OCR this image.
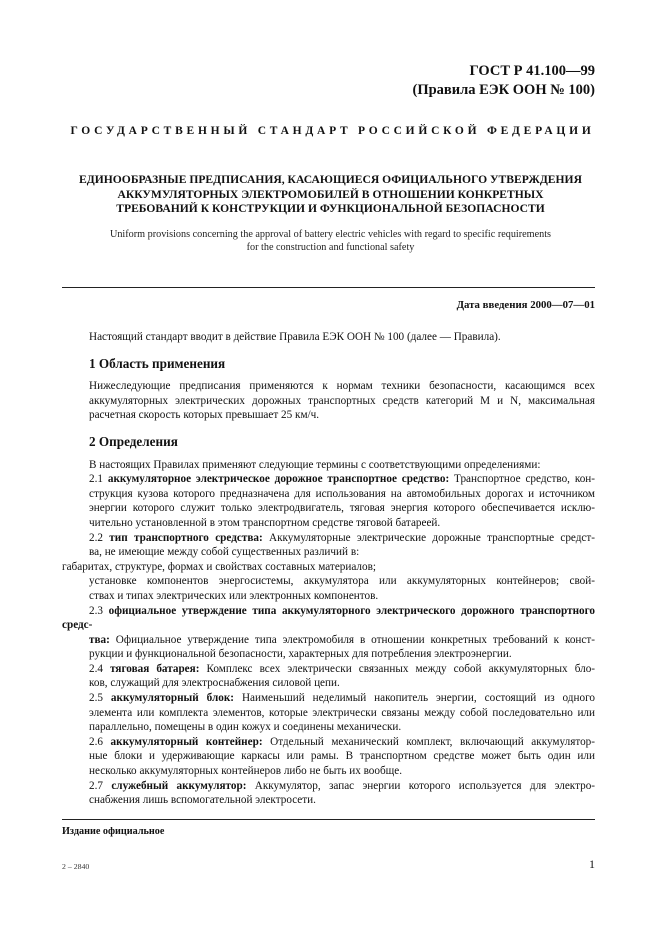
ГОСТ Р 41.100—99
(Правила ЕЭК ООН № 100)
ГОСУДАРСТВЕННЫЙ СТАНДАРТ РОССИЙСКОЙ ФЕДЕРАЦИИ
ЕДИНООБРАЗНЫЕ ПРЕДПИСАНИЯ, КАСАЮЩИЕСЯ ОФИЦИАЛЬНОГО УТВЕРЖДЕНИЯ
АККУМУЛЯТОРНЫХ ЭЛЕКТРОМОБИЛЕЙ В ОТНОШЕНИИ КОНКРЕТНЫХ
ТРЕБОВАНИЙ К КОНСТРУКЦИИ И ФУНКЦИОНАЛЬНОЙ БЕЗОПАСНОСТИ
Uniform provisions concerning the approval of battery electric vehicles with regard to specific requirements
for the construction and functional safety
Дата введения 2000—07—01

Настоящий стандарт вводит в действие Правила ЕЭК ООН № 100 (далее — Правила).

1 Область применения

Нижеследующие предписания применяются к нормам техники безопасности, касающимся всех
аккумуляторных электрических дорожных транспортных средств категорий M и N, максимальная
расчетная скорость которых превышает 25 км/ч.

2 Определения

В настоящих Правилах применяют следующие термины с соответствующими определениями:

2.1 аккумуляторное электрическое дорожное транспортное средство: Транспортное средство, кон-
струкция кузова которого предназначена для использования на автомобильных дорогах и источником
энергии которого служит только электродвигатель, тяговая энергия которого обеспечивается исклю-
чительно установленной в этом транспортном средстве тяговой батареей.

2.2 тип транспортного средства: Аккумуляторные электрические дорожные транспортные средст-
ва, не имеющие между собой существенных различий в:

габаритах, структуре, формах и свойствах составных материалов;

установке компонентов энергосистемы, аккумулятора или аккумуляторных контейнеров; свой-
ствах и типах электрических или электронных компонентов.

2.3 официальное утверждение типа аккумуляторного электрического дорожного транспортного средс-
тва: Официальное утверждение типа электромобиля в отношении конкретных требований к конст-
рукции и функциональной безопасности, характерных для потребления электроэнергии.

2.4 тяговая батарея: Комплекс всех электрически связанных между собой аккумуляторных бло-
ков, служащий для электроснабжения силовой цепи.

2.5 аккумуляторный блок: Наименьший неделимый накопитель энергии, состоящий из одного
элемента или комплекта элементов, которые электрически связаны между собой последовательно или
параллельно, помещены в один кожух и соединены механически.

2.6 аккумуляторный контейнер: Отдельный механический комплект, включающий аккумулятор-
ные блоки и удерживающие каркасы или рамы. В транспортном средстве может быть один или
несколько аккумуляторных контейнеров либо не быть их вообще.

2.7 служебный аккумулятор: Аккумулятор, запас энергии которого используется для электро-
снабжения лишь вспомогательной электросети.

Издание официальное
2 – 2840	1
